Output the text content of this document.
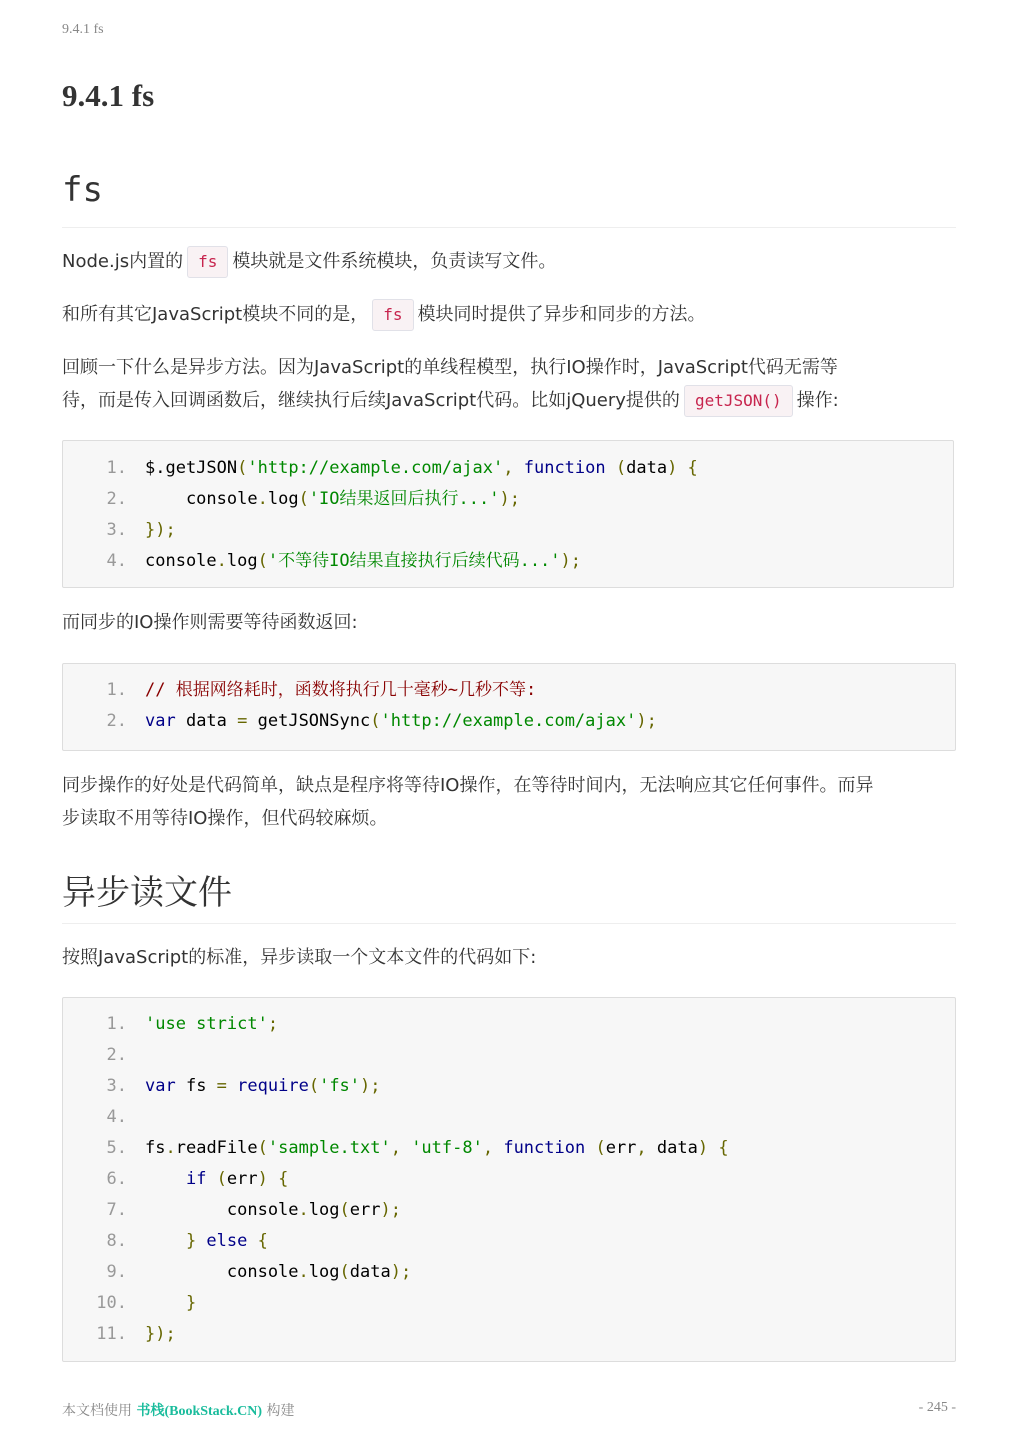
9.4.1 fs
9.4.1 fs
fs

Node.js内置的 fs 模块就是文件系统模块，负责读写文件。

和所有其它JavaScript模块不同的是， fs 模块同时提供了异步和同步的方法。

回顾一下什么是异步方法。因为JavaScript的单线程模型，执行IO操作时，JavaScript代码无需等
待，而是传入回调函数后，继续执行后续JavaScript代码。比如jQuery提供的 getJSON() 操作:

1. $.getJSON('http://example.com/ajax', function (data) {
2. console.log('IO结果返回后执行...');
3. });
4. console.log('不等待IO结果直接执行后续代码...');

而同步的IO操作则需要等待函数返回:

1. // 根据网络耗时，函数将执行几十毫秒~几秒不等:
2. var data = getJSONSync('http://example.com/ajax');

同步操作的好处是代码简单，缺点是程序将等待IO操作，在等待时间内，无法响应其它任何事件。而异
步读取不用等待IO操作，但代码较麻烦。

异步读文件

按照JavaScript的标准，异步读取一个文本文件的代码如下:

1. 'use strict';
2.
3. var fs = require('fs');
4.
5. fs.readFile('sample.txt', 'utf-8', function (err, data) {
6.	if (err) {
7. console.log(err);
8. } else {
9. console.log(data);
10. }
11. });
本文档使用 书栈(BookStack.CN) 构建	- 245 -
